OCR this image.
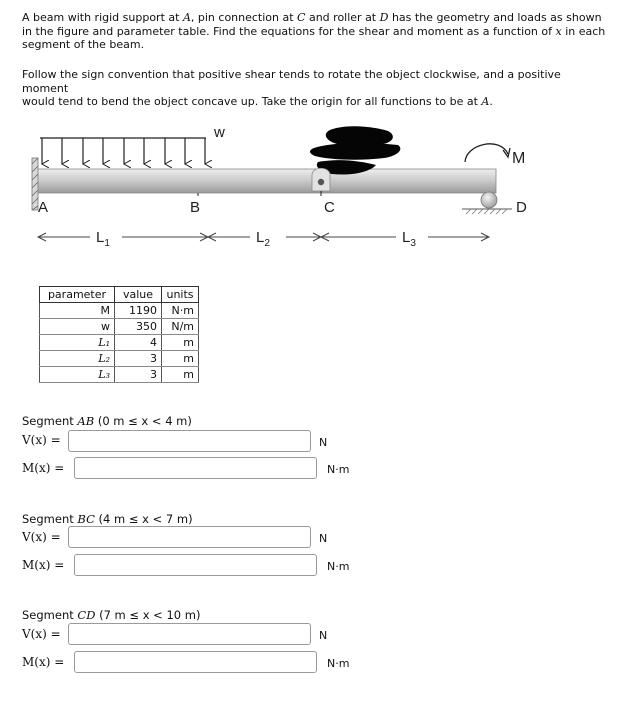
A beam with rigid support at A, pin connection at C and roller at D has the geometry and loads as shown
in the figure and parameter table. Find the equations for the shear and moment as a function of x in each
segment of the beam.

Follow the sign convention that positive shear tends to rotate the object clockwise, and a positive moment
would tend to bend the object concave up. Take the origin for all functions to be at A.

w
M
A	B	C	D
$L_1$	$L_2$	$L_3$
parameter	value	units
M	1190	N·m
w	350	N/m
L₁	4	m
L₂	3	m
L₃	3	m
Segment AB (0 m ≤ x < 4 m)
V(x) =	N
M(x) =	N·m
Segment BC (4 m ≤ x < 7 m)
V(x) =	N
M(x) =	N·m
Segment CD (7 m ≤ x < 10 m)
V(x) =	N
M(x) =	N·m
